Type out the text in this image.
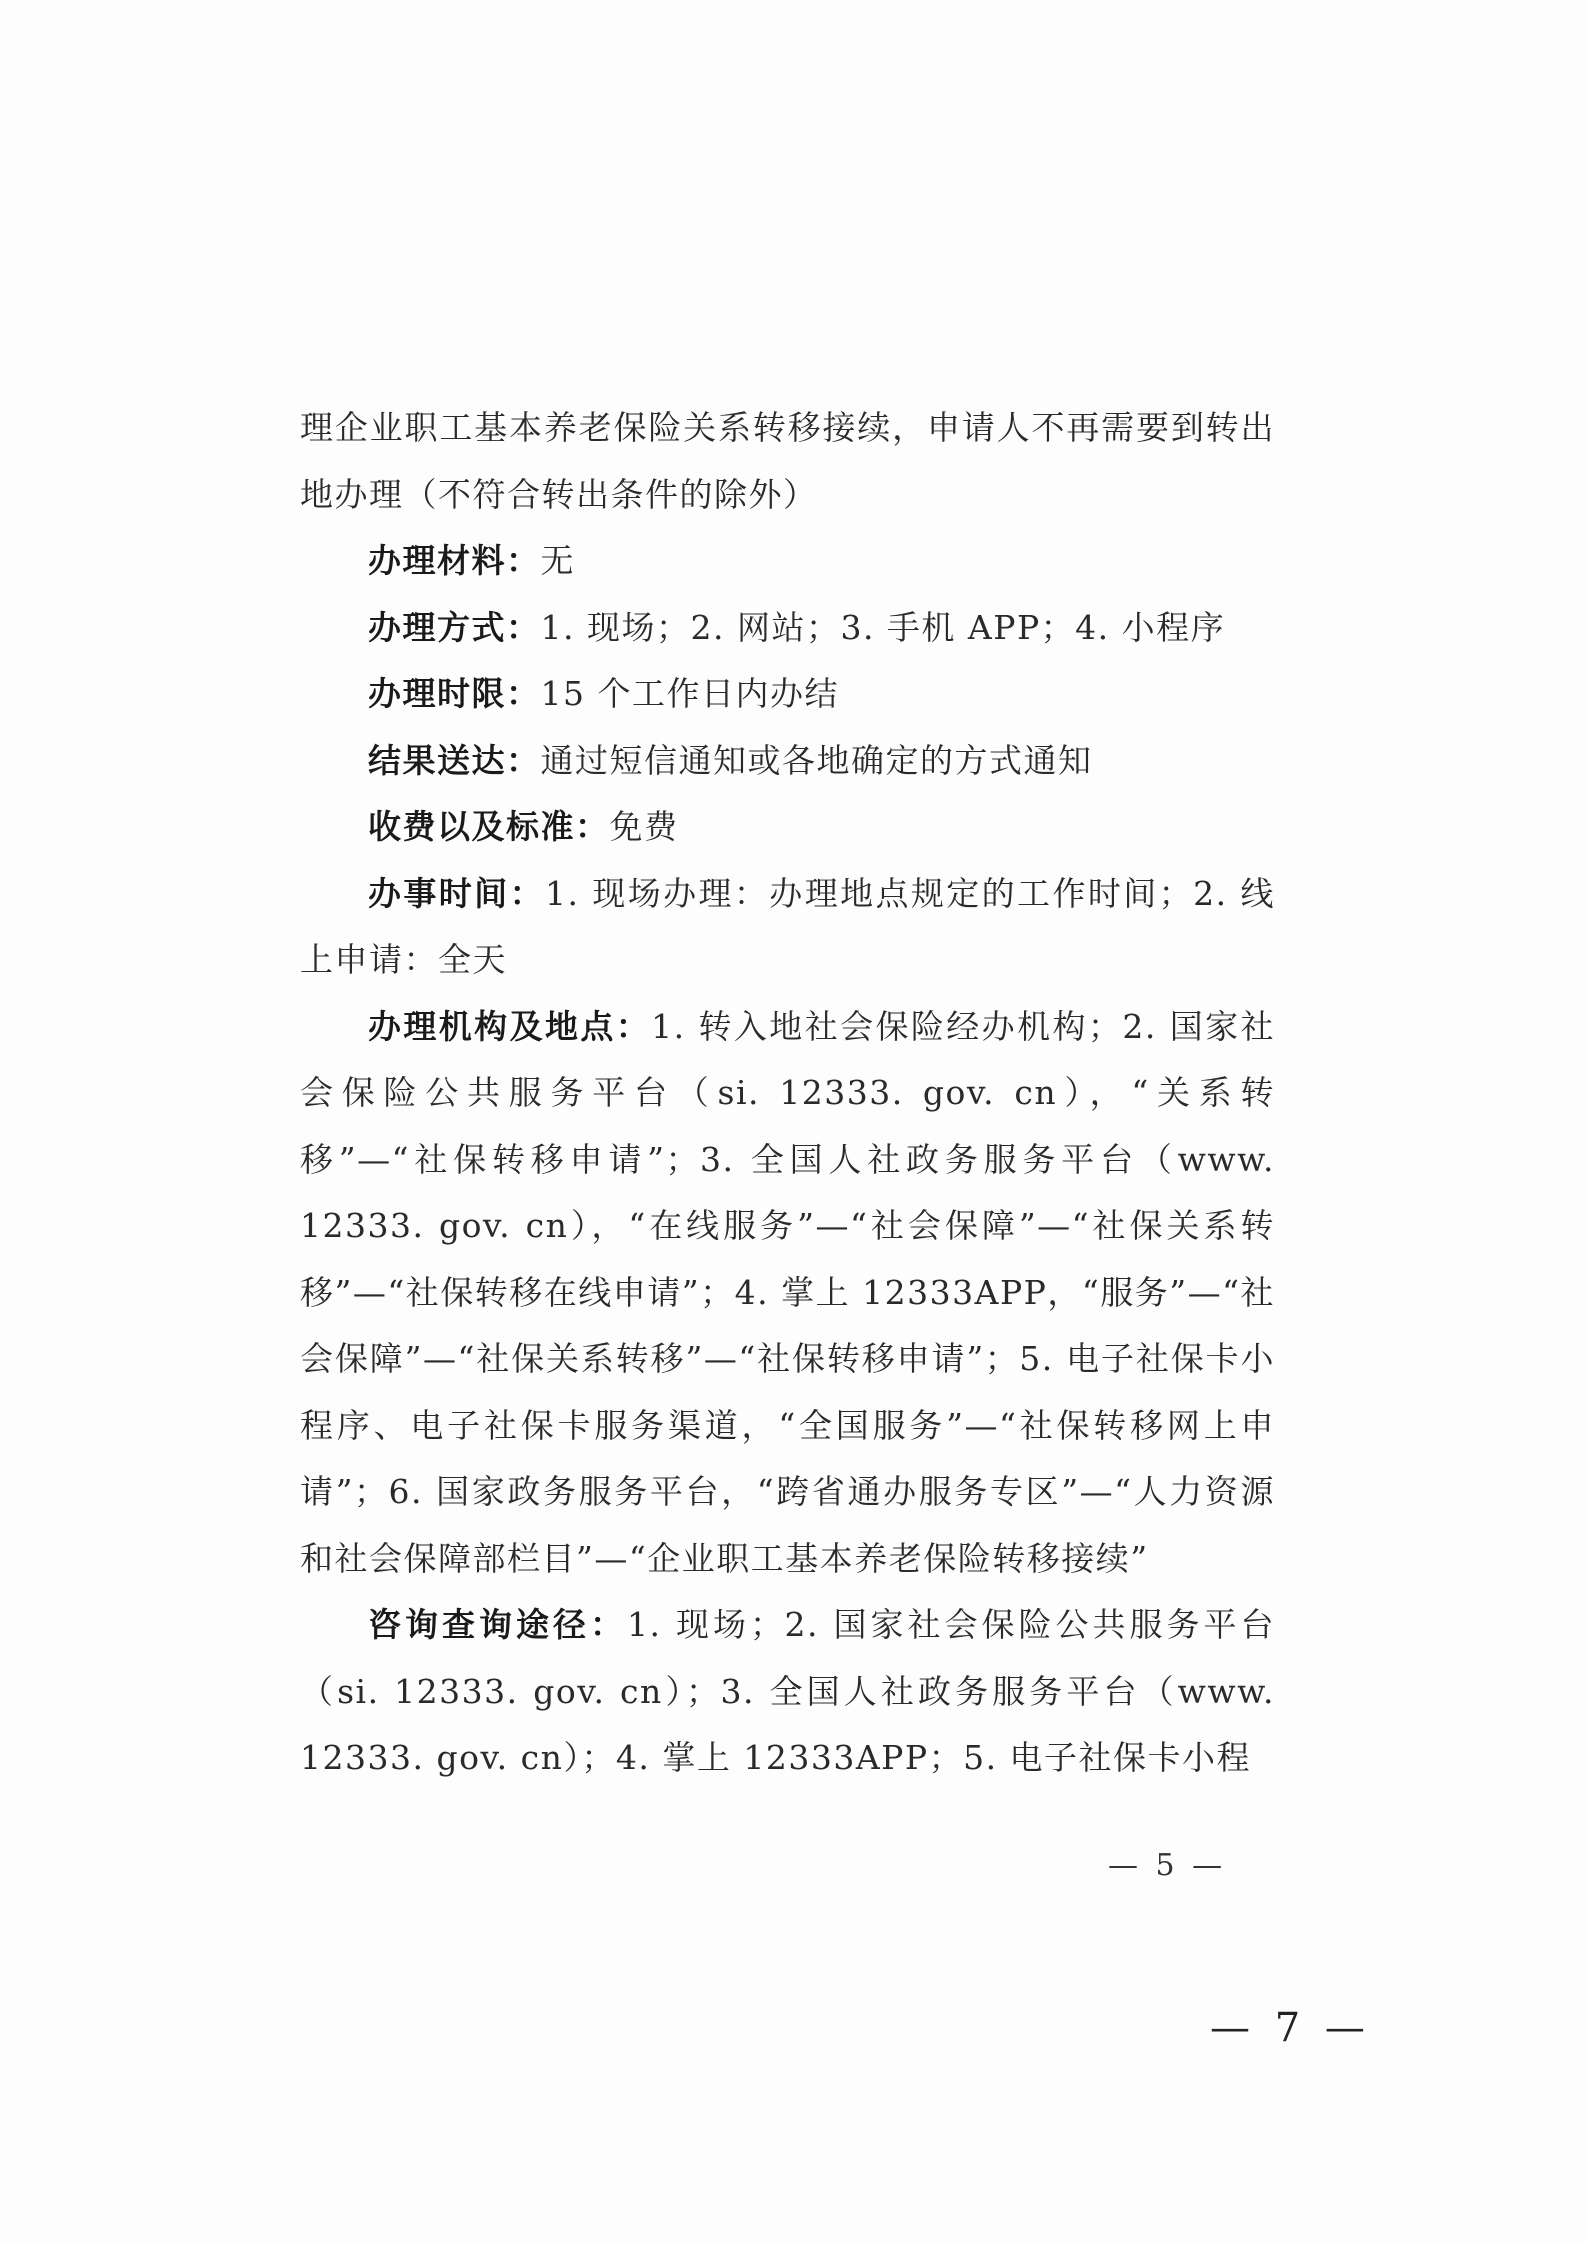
理企业职工基本养老保险关系转移接续，申请人不再需要到转出地办理（不符合转出条件的除外）

办理材料：无

办理方式：1. 现场；2. 网站；3. 手机 APP；4. 小程序

办理时限：15 个工作日内办结

结果送达：通过短信通知或各地确定的方式通知

收费以及标准：免费

办事时间：1. 现场办理：办理地点规定的工作时间；2. 线上申请：全天

办理机构及地点：1. 转入地社会保险经办机构；2. 国家社会保险公共服务平台（si. 12333. gov. cn），“关系转移”—“社保转移申请”；3. 全国人社政务服务平台（www. 12333. gov. cn），“在线服务”—“社会保障”—“社保关系转移”—“社保转移在线申请”；4. 掌上 12333APP，“服务”—“社会保障”—“社保关系转移”—“社保转移申请”；5. 电子社保卡小程序、电子社保卡服务渠道，“全国服务”—“社保转移网上申请”；6. 国家政务服务平台，“跨省通办服务专区”—“人力资源和社会保障部栏目”—“企业职工基本养老保险转移接续”

咨询查询途径：1. 现场；2. 国家社会保险公共服务平台（si. 12333. gov. cn）；3. 全国人社政务服务平台（www. 12333. gov. cn）；4. 掌上 12333APP；5. 电子社保卡小程

— 5 —
— 7 —
